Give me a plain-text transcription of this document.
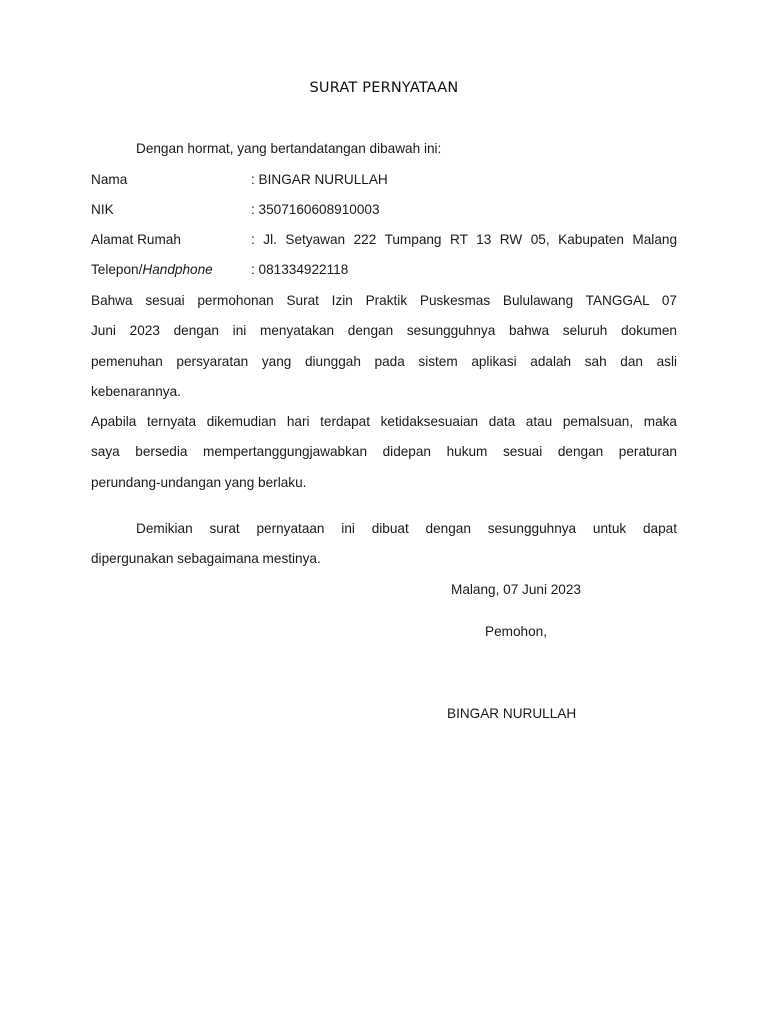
SURAT PERNYATAAN
Dengan hormat, yang bertandatangan dibawah ini:
Nama	: BINGAR NURULLAH
NIK	: 3507160608910003
Alamat Rumah	: Jl. Setyawan 222 Tumpang RT 13 RW 05, Kabupaten Malang
Telepon/Handphone	: 081334922118
Bahwa sesuai permohonan Surat Izin Praktik Puskesmas Bululawang TANGGAL 07
Juni 2023 dengan ini menyatakan dengan sesungguhnya bahwa seluruh dokumen
pemenuhan persyaratan yang diunggah pada sistem aplikasi adalah sah dan asli
kebenarannya.
Apabila ternyata dikemudian hari terdapat ketidaksesuaian data atau pemalsuan, maka
saya bersedia mempertanggungjawabkan didepan hukum sesuai dengan peraturan
perundang-undangan yang berlaku.
Demikian surat pernyataan ini dibuat dengan sesungguhnya untuk dapat
dipergunakan sebagaimana mestinya.
Malang, 07 Juni 2023
Pemohon,
BINGAR NURULLAH
